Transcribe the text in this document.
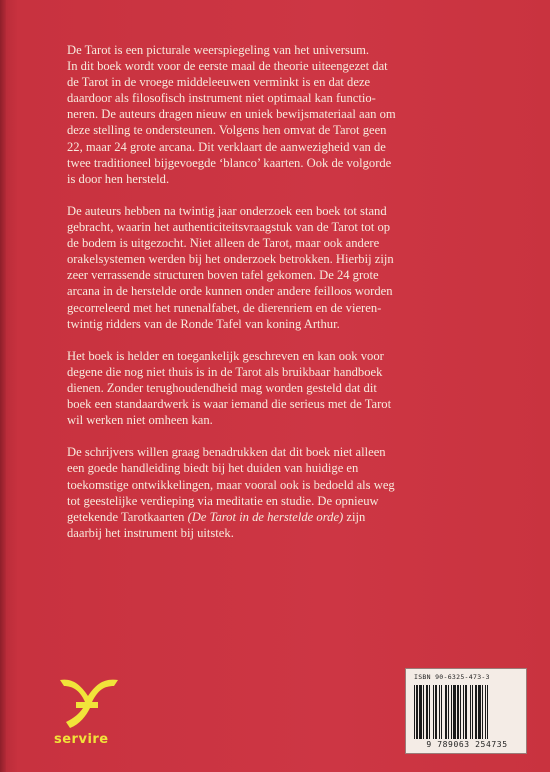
De Tarot is een picturale weerspiegeling van het universum.
In dit boek wordt voor de eerste maal de theorie uiteengezet dat
de Tarot in de vroege middeleeuwen verminkt is en dat deze
daardoor als filosofisch instrument niet optimaal kan functio-
neren. De auteurs dragen nieuw en uniek bewijsmateriaal aan om
deze stelling te ondersteunen. Volgens hen omvat de Tarot geen
22, maar 24 grote arcana. Dit verklaart de aanwezigheid van de
twee traditioneel bijgevoegde ‘blanco’ kaarten. Ook de volgorde
is door hen hersteld.

De auteurs hebben na twintig jaar onderzoek een boek tot stand
gebracht, waarin het authenticiteitsvraagstuk van de Tarot tot op
de bodem is uitgezocht. Niet alleen de Tarot, maar ook andere
orakelsystemen werden bij het onderzoek betrokken. Hierbij zijn
zeer verrassende structuren boven tafel gekomen. De 24 grote
arcana in de herstelde orde kunnen onder andere feilloos worden
gecorreleerd met het runenalfabet, de dierenriem en de vieren-
twintig ridders van de Ronde Tafel van koning Arthur.

Het boek is helder en toegankelijk geschreven en kan ook voor
degene die nog niet thuis is in de Tarot als bruikbaar handboek
dienen. Zonder terughoudendheid mag worden gesteld dat dit
boek een standaardwerk is waar iemand die serieus met de Tarot
wil werken niet omheen kan.

De schrijvers willen graag benadrukken dat dit boek niet alleen
een goede handleiding biedt bij het duiden van huidige en
toekomstige ontwikkelingen, maar vooral ook is bedoeld als weg
tot geestelijke verdieping via meditatie en studie. De opnieuw
getekende Tarotkaarten (De Tarot in de herstelde orde) zijn
daarbij het instrument bij uitstek.

servire
ISBN 90-6325-473-3
9 789063 254735
